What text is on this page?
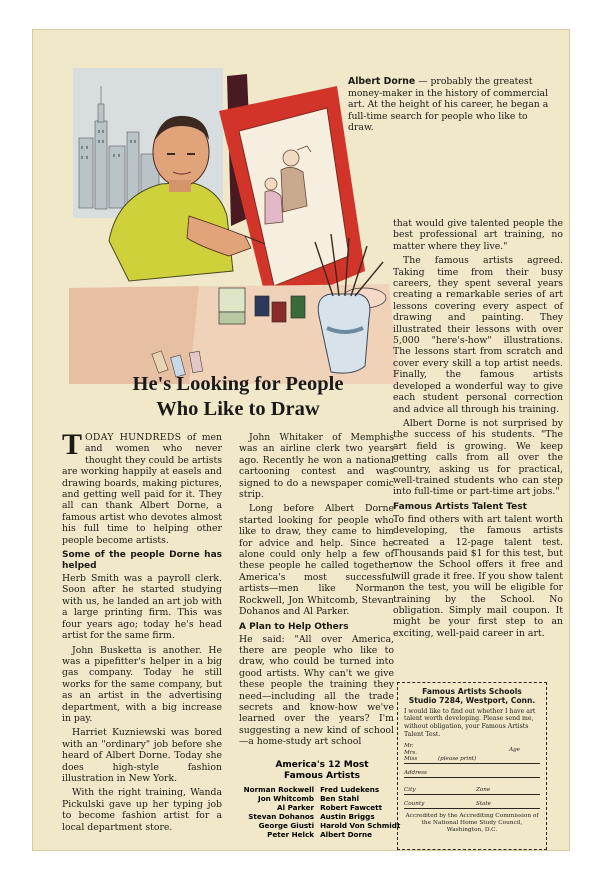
Albert Dorne — probably the greatest money-maker in the history of commercial art. At the height of his career, he began a full-time search for people who like to draw.
He's Looking for People
Who Like to Draw

TODAY HUNDREDS of men and women who never thought they could be artists are working happily at easels and drawing boards, making pictures, and getting well paid for it. They all can thank Albert Dorne, a famous artist who devotes almost his full time to helping other people become artists.

Some of the people Dorne has helped

Herb Smith was a payroll clerk. Soon after he started studying with us, he landed an art job with a large printing firm. This was four years ago; today he's head artist for the same firm.

John Busketta is another. He was a pipefitter's helper in a big gas company. Today he still works for the same company, but as an artist in the advertising department, with a big increase in pay.

Harriet Kuzniewski was bored with an "ordinary" job before she heard of Albert Dorne. Today she does high-style fashion illustration in New York.

With the right training, Wanda Pickulski gave up her typing job to become fashion artist for a local department store.

John Whitaker of Memphis was an airline clerk two years ago. Recently he won a national cartooning contest and was signed to do a newspaper comic strip.

Long before Albert Dorne started looking for people who like to draw, they came to him for advice and help. Since he alone could only help a few of these people he called together America's most successful artists—men like Norman Rockwell, Jon Whitcomb, Stevan Dohanos and Al Parker.

A Plan to Help Others

He said: "All over America, there are people who like to draw, who could be turned into good artists. Why can't we give these people the training they need—including all the trade secrets and know-how we've learned over the years? I'm suggesting a new kind of school—a home-study art school

that would give talented people the best professional art training, no matter where they live."

The famous artists agreed. Taking time from their busy careers, they spent several years creating a remarkable series of art lessons covering every aspect of drawing and painting. They illustrated their lessons with over 5,000 "here's-how" illustrations. The lessons start from scratch and cover every skill a top artist needs. Finally, the famous artists developed a wonderful way to give each student personal correction and advice all through his training.

Albert Dorne is not surprised by the success of his students. "The art field is growing. We keep getting calls from all over the country, asking us for practical, well-trained students who can step into full-time or part-time art jobs."

Famous Artists Talent Test

To find others with art talent worth developing, the famous artists created a 12-page talent test. Thousands paid $1 for this test, but now the School offers it free and will grade it free. If you show talent on the test, you will be eligible for training by the School. No obligation. Simply mail coupon. It might be your first step to an exciting, well-paid career in art.

America's 12 Most
Famous Artists
Norman Rockwell	Fred Ludekens
Jon Whitcomb	Ben Stahl
Al Parker	Robert Fawcett
Stevan Dohanos	Austin Briggs
George Giusti	Harold Von Schmidt
Peter Helck	Albert Dorne
Famous Artists Schools
Studio 7284, Westport, Conn.
I would like to find out whether I have art talent worth developing. Please send me, without obligation, your Famous Artists Talent Test.
Mr.
Mrs.
Miss	(please print)
Age
Address
City	Zone
County	State
Accredited by the Accrediting Commission of the National Home Study Council, Washington, D.C.
